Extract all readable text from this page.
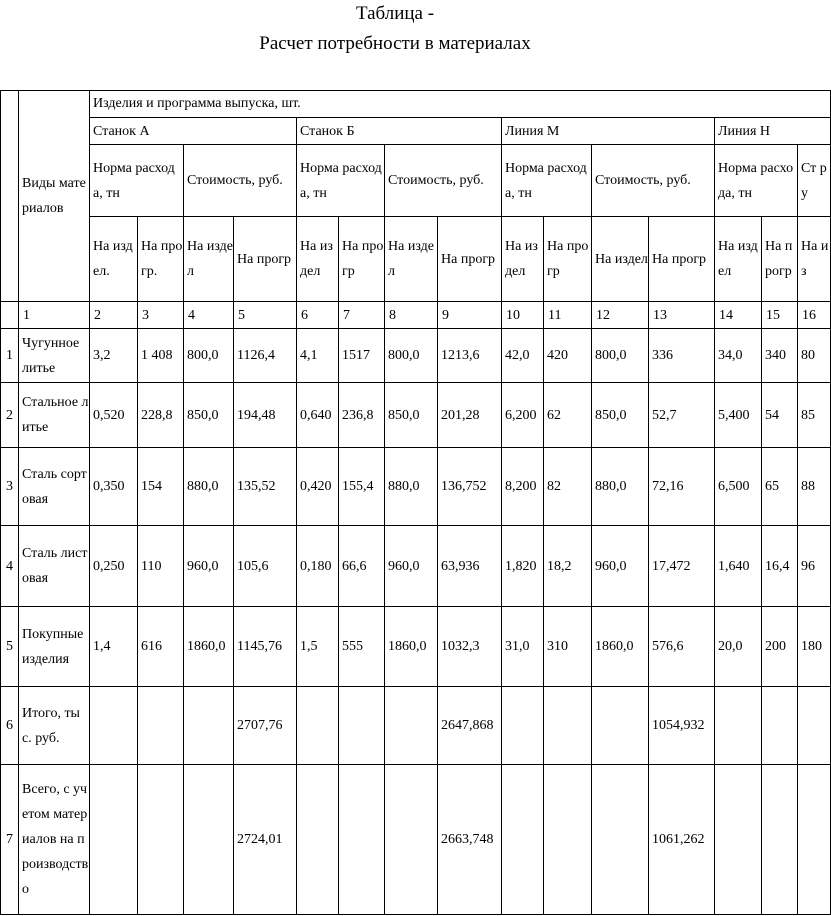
Таблица -
Расчет потребности в материалах
	Виды материалов	Изделия и программа выпуска, шт.														
		Станок А				Станок Б				Линия М				Линия Н		
		Норма расхода, тн		Стоимость, руб.		Норма расхода, тн		Стоимость, руб.		Норма расхода, тн		Стоимость, руб.		Норма расхода, тн		Ст ру
		На издел.	На прогр.	На издел	На прогр	На издел	На прогр	На издел	На прогр	На издел	На прогр	На издел	На прогр	На издел	На прогр	На из
	1	2	3	4	5	6	7	8	9	10	11	12	13	14	15	16
1	Чугунное литье	3,2	1 408	800,0	1126,4	4,1	1517	800,0	1213,6	42,0	420	800,0	336	34,0	340	80
2	Стальное литье	0,520	228,8	850,0	194,48	0,640	236,8	850,0	201,28	6,200	62	850,0	52,7	5,400	54	85
3	Сталь сортовая	0,350	154	880,0	135,52	0,420	155,4	880,0	136,752	8,200	82	880,0	72,16	6,500	65	88
4	Сталь листовая	0,250	110	960,0	105,6	0,180	66,6	960,0	63,936	1,820	18,2	960,0	17,472	1,640	16,4	96
5	Покупные изделия	1,4	616	1860,0	1145,76	1,5	555	1860,0	1032,3	31,0	310	1860,0	576,6	20,0	200	180
6	Итого, тыс. руб.				2707,76				2647,868				1054,932			
7	Всего, с учетом материалов на производство				2724,01				2663,748				1061,262			
